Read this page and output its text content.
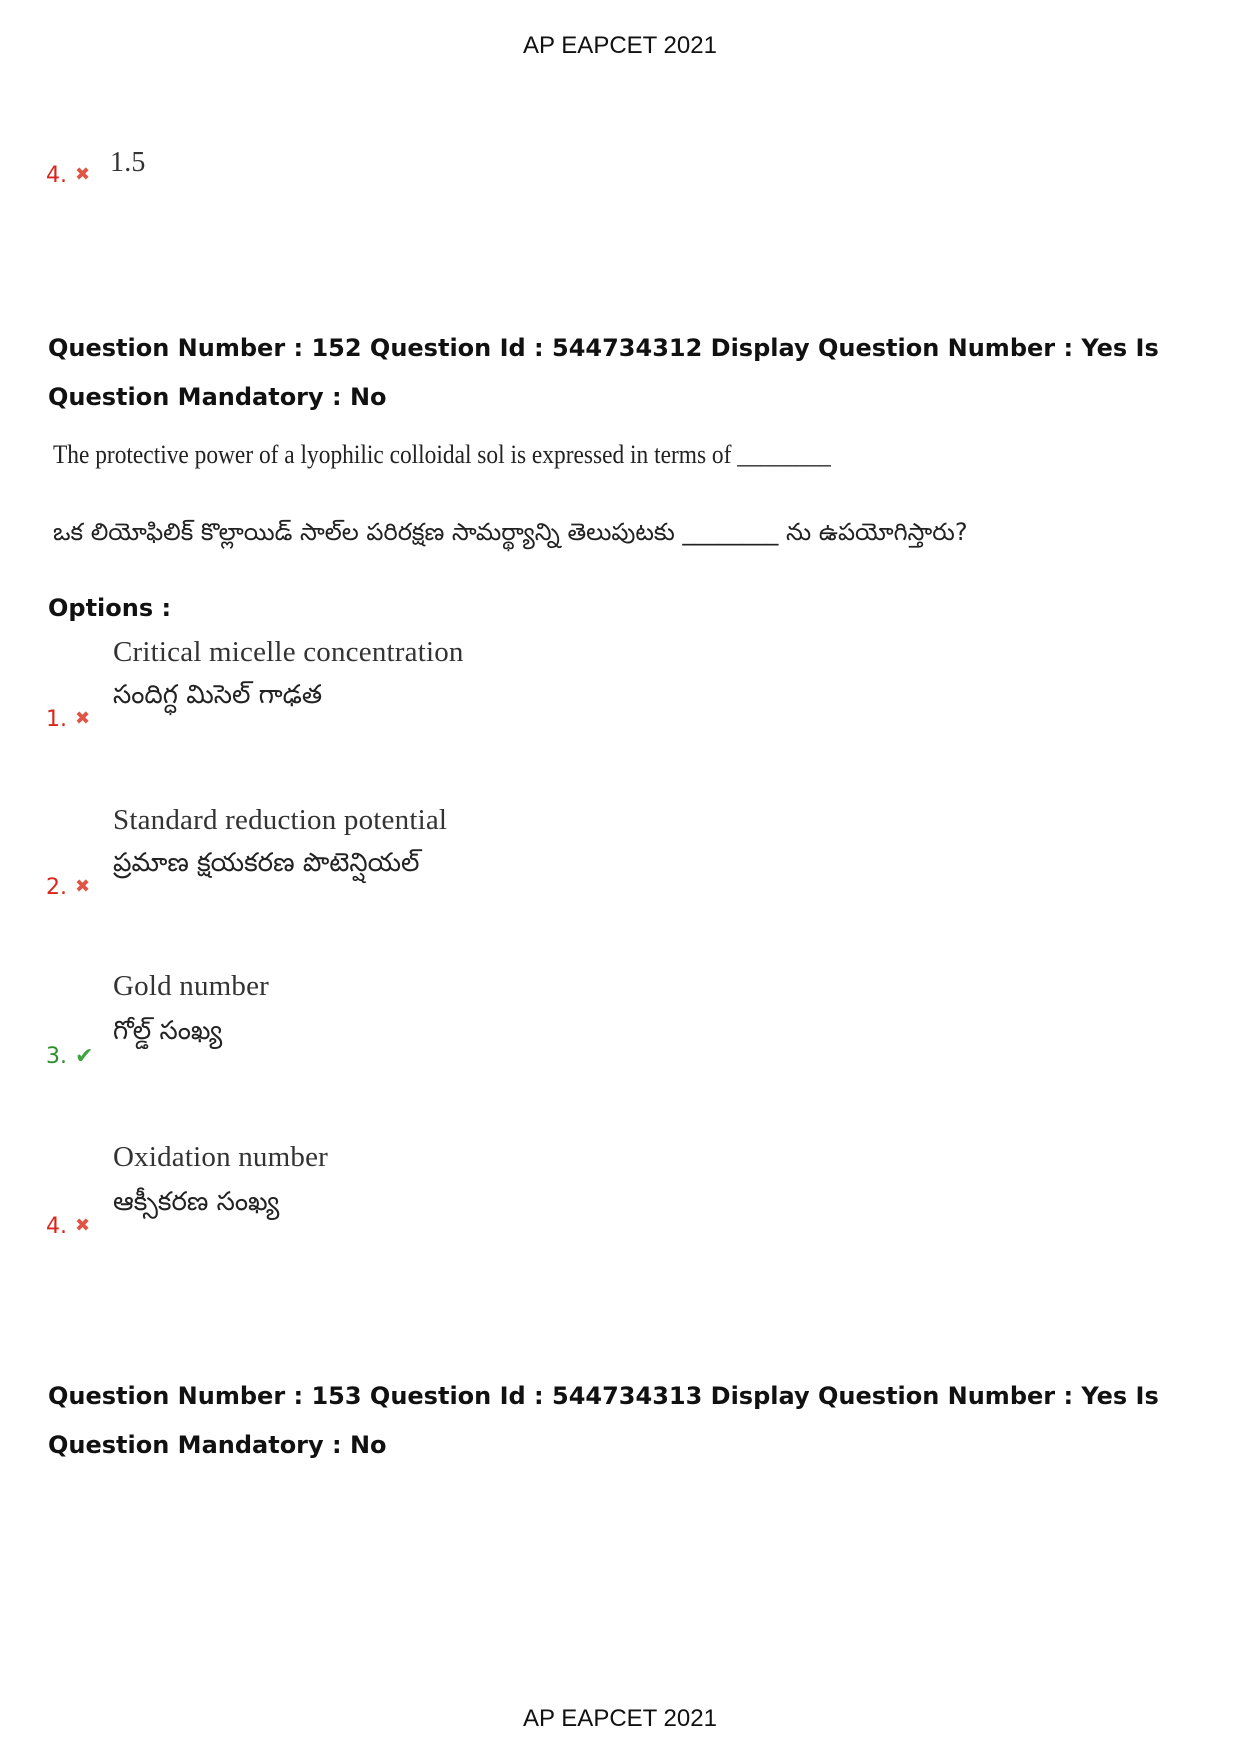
AP EAPCET 2021
4. ✖ 1.5
Question Number : 152 Question Id : 544734312 Display Question Number : Yes Is Question Mandatory : No
The protective power of a lyophilic colloidal sol is expressed in terms of ________
ఒక లియోఫిలిక్ కొల్లాయిడ్ సాల్‌ల పరిరక్షణ సామర్థ్యాన్ని తెలుపుటకు ________ ను ఉపయోగిస్తారు?
Options :
Critical micelle concentration
సందిగ్ధ మిసెల్ గాఢత
1. ✖
Standard reduction potential
ప్రమాణ క్షయకరణ పొటెన్షియల్
2. ✖
Gold number
గోల్డ్ సంఖ్య
3. ✔
Oxidation number
ఆక్సీకరణ సంఖ్య
4. ✖
Question Number : 153 Question Id : 544734313 Display Question Number : Yes Is Question Mandatory : No
AP EAPCET 2021
